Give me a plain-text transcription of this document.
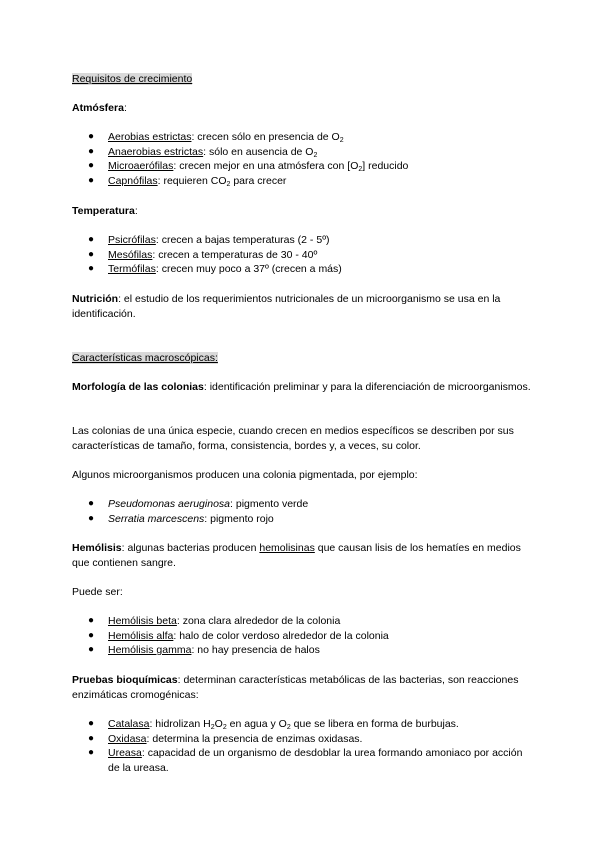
Requisitos de crecimiento
Atmósfera:
● Aerobias estrictas: crecen sólo en presencia de $O_2$
● Anaerobias estrictas: sólo en ausencia de $O_2$
● Microaerófilas: crecen mejor en una atmósfera con $[O_2]$ reducido
● Capnófilas: requieren $CO_2$ para crecer
Temperatura:
● Psicrófilas: crecen a bajas temperaturas (2 - 5º)
● Mesófilas: crecen a temperaturas de 30 - 40º
● Termófilas: crecen muy poco a 37º (crecen a más)
Nutrición: el estudio de los requerimientos nutricionales de un microorganismo se usa en la identificación.
Características macroscópicas:
Morfología de las colonias: identificación preliminar y para la diferenciación de microorganismos.
Las colonias de una única especie, cuando crecen en medios específicos se describen por sus características de tamaño, forma, consistencia, bordes y, a veces, su color.
Algunos microorganismos producen una colonia pigmentada, por ejemplo:
● Pseudomonas aeruginosa: pigmento verde
● Serratia marcescens: pigmento rojo
Hemólisis: algunas bacterias producen hemolisinas que causan lisis de los hematíes en medios que contienen sangre.
Puede ser:
● Hemólisis beta: zona clara alrededor de la colonia
● Hemólisis alfa: halo de color verdoso alrededor de la colonia
● Hemólisis gamma: no hay presencia de halos
Pruebas bioquímicas: determinan características metabólicas de las bacterias, son reacciones enzimáticas cromogénicas:
● Catalasa: hidrolizan $H_2O_2$ en agua y $O_2$ que se libera en forma de burbujas.
● Oxidasa: determina la presencia de enzimas oxidasas.
● Ureasa: capacidad de un organismo de desdoblar la urea formando amoniaco por acción de la ureasa.
